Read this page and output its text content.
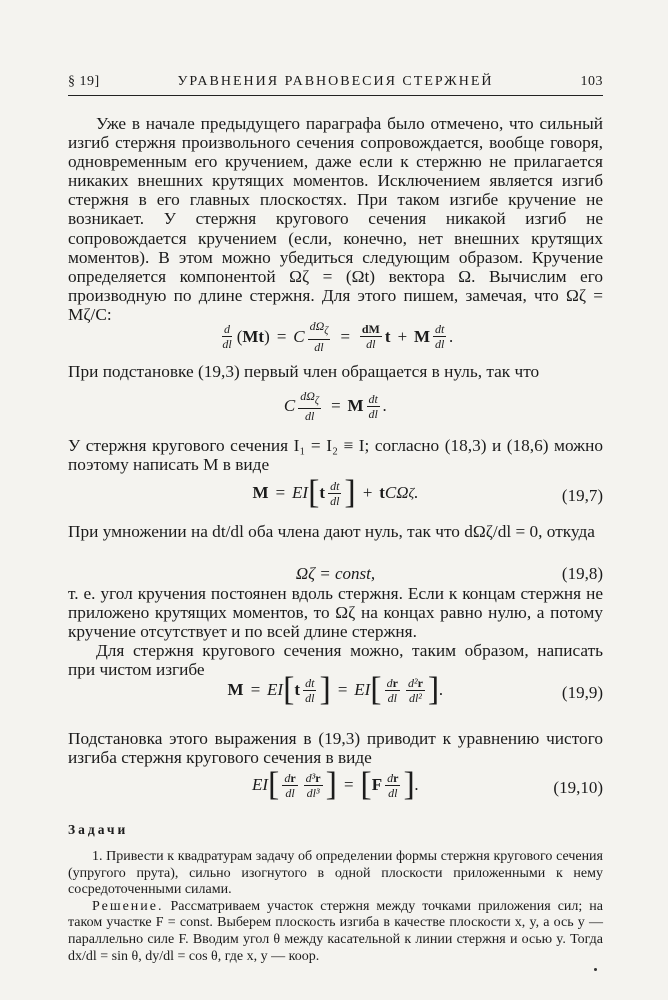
§ 19]	УРАВНЕНИЯ РАВНОВЕСИЯ СТЕРЖНЕЙ	103

Уже в начале предыдущего параграфа было отмечено, что сильный изгиб стержня произвольного сечения сопровождается, вообще говоря, одновременным его кручением, даже если к стержню не прилагается никаких внешних крутящих моментов. Исключением является изгиб стержня в его главных плоскостях. При таком изгибе кручение не возникает. У стержня кругового сечения никакой изгиб не сопровождается кручением (если, конечно, нет внешних крутящих моментов). В этом можно убедиться следующим образом. Кручение определяется компонентой Ωζ = (Ωt) вектора Ω. Вычислим его производную по длине стержня. Для этого пишем, замечая, что Ωζ = Mζ/C:

$\frac{d}{dl}$ ( Mt ) = C $\frac{d\Omega_\zeta}{dl} = \frac{dM}{dl}$ t + M $\frac{dt}{dl}$ .

При подстановке (19,3) первый член обращается в нуль, так что

C $\frac{d\Omega_\zeta}{dl} = M \frac{dt}{dl}$ .

У стержня кругового сечения I₁ = I₂ ≡ I; согласно (18,3) и (18,6) можно поэтому написать M в виде

M = EI [ t $\frac{dt}{dl}$ ] + t CΩ ζ .	(19,7)

При умножении на dt/dl оба члена дают нуль, так что dΩζ/dl = 0, откуда

Ωζ = const,	(19,8)

т. е. угол кручения постоянен вдоль стержня. Если к концам стержня не приложено крутящих моментов, то Ωζ на концах равно нулю, а потому кручение отсутствует и по всей длине стержня.

Для стержня кругового сечения можно, таким образом, написать при чистом изгибе

M = EI [ t $\frac{dt}{dl}$ ] = EI [ $\frac{dr}{dl} \frac{\text{d²r}}{\text{dl²}}$ ] .	(19,9)

Подстановка этого выражения в (19,3) приводит к уравнению чистого изгиба стержня кругового сечения в виде

EI [ $\frac{dr}{dl} \frac{\text{d³r}}{\text{dl³}}$ ] = [ F $\frac{dr}{dl}$ ] .	(19,10)
Задачи

1. Привести к квадратурам задачу об определении формы стержня кругового сечения (упругого прута), сильно изогнутого в одной плоскости приложенными к нему сосредоточенными силами.

Решение. Рассматриваем участок стержня между точками приложения сил; на таком участке F = const. Выберем плоскость изгиба в качестве плоскости x, y, а ось y — параллельно силе F. Вводим угол θ между касательной к линии стержня и осью y. Тогда dx/dl = sin θ, dy/dl = cos θ, где x, y — коор.
